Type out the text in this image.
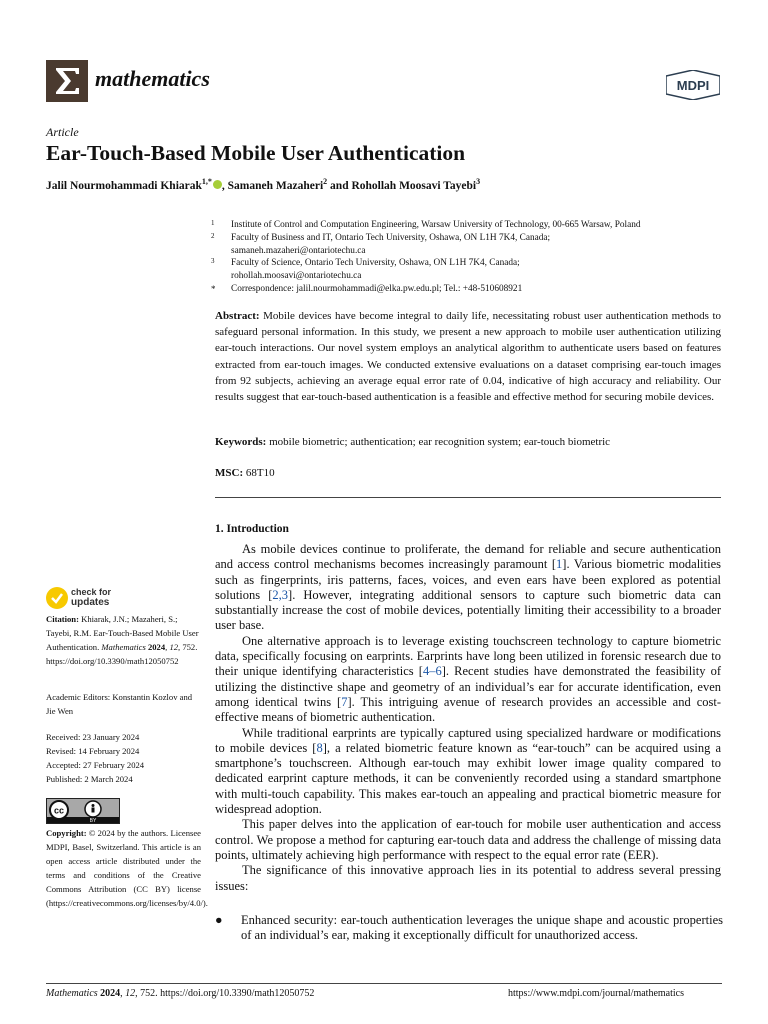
mathematics	MDPI
Article
Ear-Touch-Based Mobile User Authentication
Jalil Nourmohammadi Khiarak$^{1,*}$ , Samaneh Mazaheri$^2$ and Rohollah Moosavi Tayebi$^3$
1 Institute of Control and Computation Engineering, Warsaw University of Technology, 00-665 Warsaw, Poland
2 Faculty of Business and IT, Ontario Tech University, Oshawa, ON L1H 7K4, Canada;
samaneh.mazaheri@ontariotechu.ca
3 Faculty of Science, Ontario Tech University, Oshawa, ON L1H 7K4, Canada;
rohollah.moosavi@ontariotechu.ca
* Correspondence: jalil.nourmohammadi@elka.pw.edu.pl; Tel.: +48-510608921
Abstract: Mobile devices have become integral to daily life, necessitating robust user authentication methods to safeguard personal information. In this study, we present a new approach to mobile user authentication utilizing ear-touch interactions. Our novel system employs an analytical algorithm to authenticate users based on features extracted from ear-touch images. We conducted extensive evaluations on a dataset comprising ear-touch images from 92 subjects, achieving an average equal error rate of 0.04, indicative of high accuracy and reliability. Our results suggest that ear-touch-based authentication is a feasible and effective method for securing mobile devices.
Keywords: mobile biometric; authentication; ear recognition system; ear-touch biometric
MSC: 68T10
1. Introduction

As mobile devices continue to proliferate, the demand for reliable and secure authentication and access control mechanisms becomes increasingly paramount [1]. Various biometric modalities such as fingerprints, iris patterns, faces, voices, and even ears have been explored as potential solutions [2,3]. However, integrating additional sensors to capture such biometric data can substantially increase the cost of mobile devices, potentially limiting their accessibility to a broader user base.

One alternative approach is to leverage existing touchscreen technology to capture biometric data, specifically focusing on earprints. Earprints have long been utilized in forensic research due to their unique identifying characteristics [4–6]. Recent studies have demonstrated the feasibility of utilizing the distinctive shape and geometry of an individual’s ear for accurate identification, even among identical twins [7]. This intriguing avenue of research provides an accessible and cost-effective means of biometric authentication.

While traditional earprints are typically captured using specialized hardware or modifications to mobile devices [8], a related biometric feature known as “ear-touch” can be acquired using a smartphone’s touchscreen. Although ear-touch may exhibit lower image quality compared to dedicated earprint capture methods, it can be conveniently recorded using a standard smartphone with multi-touch capability. This makes ear-touch an appealing and practical biometric measure for widespread adoption.

This paper delves into the application of ear-touch for mobile user authentication and access control. We propose a method for capturing ear-touch data and address the challenge of missing data points, ultimately achieving high performance with respect to the equal error rate (EER).

The significance of this innovative approach lies in its potential to address several pressing issues:

● Enhanced security: ear-touch authentication leverages the unique shape and acoustic properties of an individual’s ear, making it exceptionally difficult for unauthorized access.
check for
updates
Citation: Khiarak, J.N.; Mazaheri, S.; Tayebi, R.M. Ear-Touch-Based Mobile User Authentication. Mathematics 2024, 12, 752. https://doi.org/10.3390/math12050752
Academic Editors: Konstantin Kozlov and Jie Wen
Received: 23 January 2024
Revised: 14 February 2024
Accepted: 27 February 2024
Published: 2 March 2024
cc
BY
Copyright: © 2024 by the authors. Licensee MDPI, Basel, Switzerland. This article is an open access article distributed under the terms and conditions of the Creative Commons Attribution (CC BY) license (https://creativecommons.org/licenses/by/4.0/).
Mathematics 2024, 12, 752. https://doi.org/10.3390/math12050752	https://www.mdpi.com/journal/mathematics
